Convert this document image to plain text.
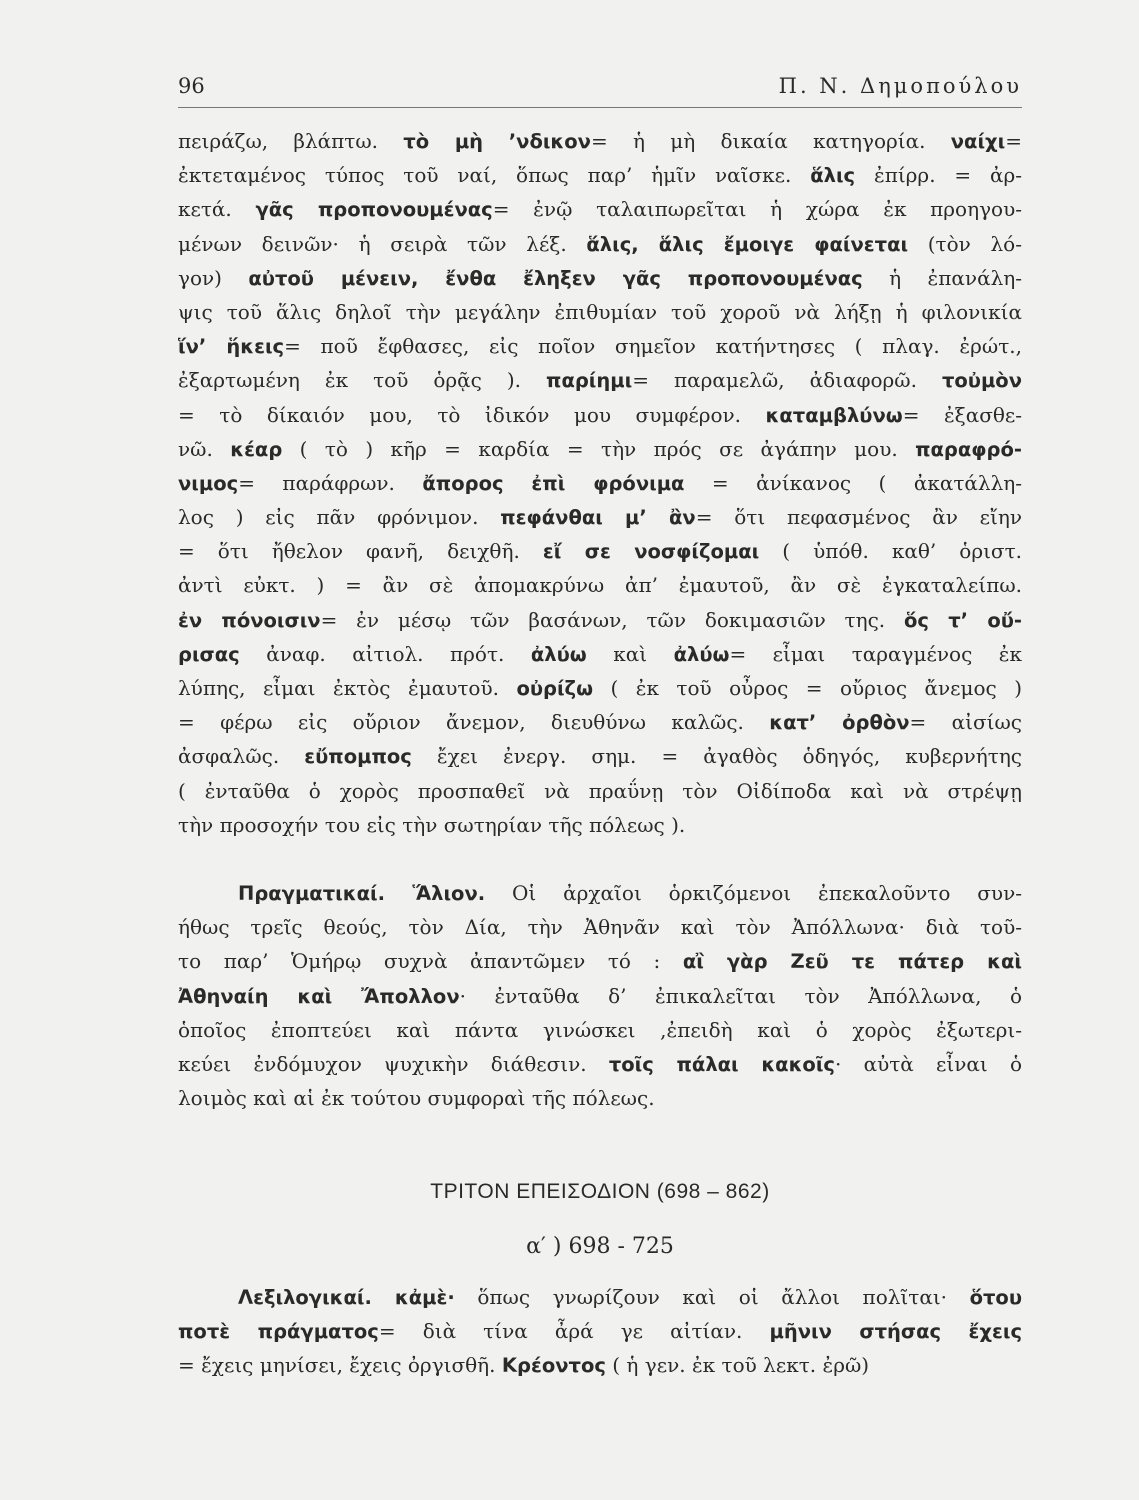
96	Π. Ν. Δημοπούλου
πειράζω, βλάπτω. τὸ μὴ ’νδικον= ἡ μὴ δικαία κατηγορία. ναίχι=
ἐκτεταμένος τύπος τοῦ ναί, ὅπως παρ’ ἡμῖν ναῖσκε. ἅλις ἐπίρρ. = ἀρ-
κετά. γᾶς προπονουμένας= ἐνῷ ταλαιπωρεῖται ἡ χώρα ἐκ προηγου-
μένων δεινῶν· ἡ σειρὰ τῶν λέξ. ἅλις, ἅλις ἔμοιγε φαίνεται (τὸν λό-
γον) αὐτοῦ μένειν, ἔνθα ἔληξεν γᾶς προπονουμένας ἡ ἐπανάλη-
ψις τοῦ ἅλις δηλοῖ τὴν μεγάλην ἐπιθυμίαν τοῦ χοροῦ νὰ λήξῃ ἡ φιλονικία
ἵν’ ἥκεις= ποῦ ἔφθασες, εἰς ποῖον σημεῖον κατήντησες ( πλαγ. ἐρώτ.,
ἐξαρτωμένη ἐκ τοῦ ὁρᾷς ). παρίημι= παραμελῶ, ἀδιαφορῶ. τοὐμὸν
= τὸ δίκαιόν μου, τὸ ἰδικόν μου συμφέρον. καταμβλύνω= ἐξασθε-
νῶ. κέαρ ( τὸ ) κῆρ = καρδία = τὴν πρός σε ἀγάπην μου. παραφρό-
νιμος= παράφρων. ἄπορος ἐπὶ φρόνιμα = ἀνίκανος ( ἀκατάλλη-
λος ) εἰς πᾶν φρόνιμον. πεφάνθαι μ’ ἂν= ὅτι πεφασμένος ἂν εἴην
= ὅτι ἤθελον φανῆ, δειχθῆ. εἴ σε νοσφίζομαι ( ὑπόθ. καθ’ ὁριστ.
ἀντὶ εὐκτ. ) = ἂν σὲ ἀπομακρύνω ἀπ’ ἐμαυτοῦ, ἂν σὲ ἐγκαταλείπω.
ἐν πόνοισιν= ἐν μέσῳ τῶν βασάνων, τῶν δοκιμασιῶν της. ὅς τ’ οὔ-
ρισας ἀναφ. αἰτιολ. πρότ. ἀλύω καὶ ἀλύω= εἶμαι ταραγμένος ἐκ
λύπης, εἶμαι ἐκτὸς ἐμαυτοῦ. οὐρίζω ( ἐκ τοῦ οὖρος = οὔριος ἄνεμος )
= φέρω εἰς οὔριον ἄνεμον, διευθύνω καλῶς. κατ’ ὀρθὸν= αἰσίως
ἀσφαλῶς. εὔπομπος ἔχει ἐνεργ. σημ. = ἀγαθὸς ὁδηγός, κυβερνήτης
( ἐνταῦθα ὁ χορὸς προσπαθεῖ νὰ πραΰνῃ τὸν Οἰδίποδα καὶ νὰ στρέψῃ
τὴν προσοχήν του εἰς τὴν σωτηρίαν τῆς πόλεως ).
Πραγματικαί. Ἅλιον. Οἱ ἀρχαῖοι ὁρκιζόμενοι ἐπεκαλοῦντο συν-
ήθως τρεῖς θεούς, τὸν Δία, τὴν Ἀθηνᾶν καὶ τὸν Ἀπόλλωνα· διὰ τοῦ-
το παρ’ Ὁμήρῳ συχνὰ ἀπαντῶμεν τό : αἲ γὰρ Ζεῦ τε πάτερ καὶ
Ἀθηναίη καὶ Ἄπολλον· ἐνταῦθα δ’ ἐπικαλεῖται τὸν Ἀπόλλωνα, ὁ
ὁποῖος ἐποπτεύει καὶ πάντα γινώσκει ,ἐπειδὴ καὶ ὁ χορὸς ἐξωτερι-
κεύει ἐνδόμυχον ψυχικὴν διάθεσιν. τοῖς πάλαι κακοῖς· αὐτὰ εἶναι ὁ
λοιμὸς καὶ αἱ ἐκ τούτου συμφοραὶ τῆς πόλεως.
ΤΡΙΤΟΝ ΕΠΕΙΣΟΔΙΟΝ (698 – 862)
α′ ) 698 - 725
Λεξιλογικαί. κἀμὲ· ὅπως γνωρίζουν καὶ οἱ ἄλλοι πολῖται· ὅτου
ποτὲ πράγματος= διὰ τίνα ἆρά γε αἰτίαν. μῆνιν στήσας ἔχεις
= ἔχεις μηνίσει, ἔχεις ὀργισθῆ. Κρέοντος ( ἡ γεν. ἐκ τοῦ λεκτ. ἐρῶ)
